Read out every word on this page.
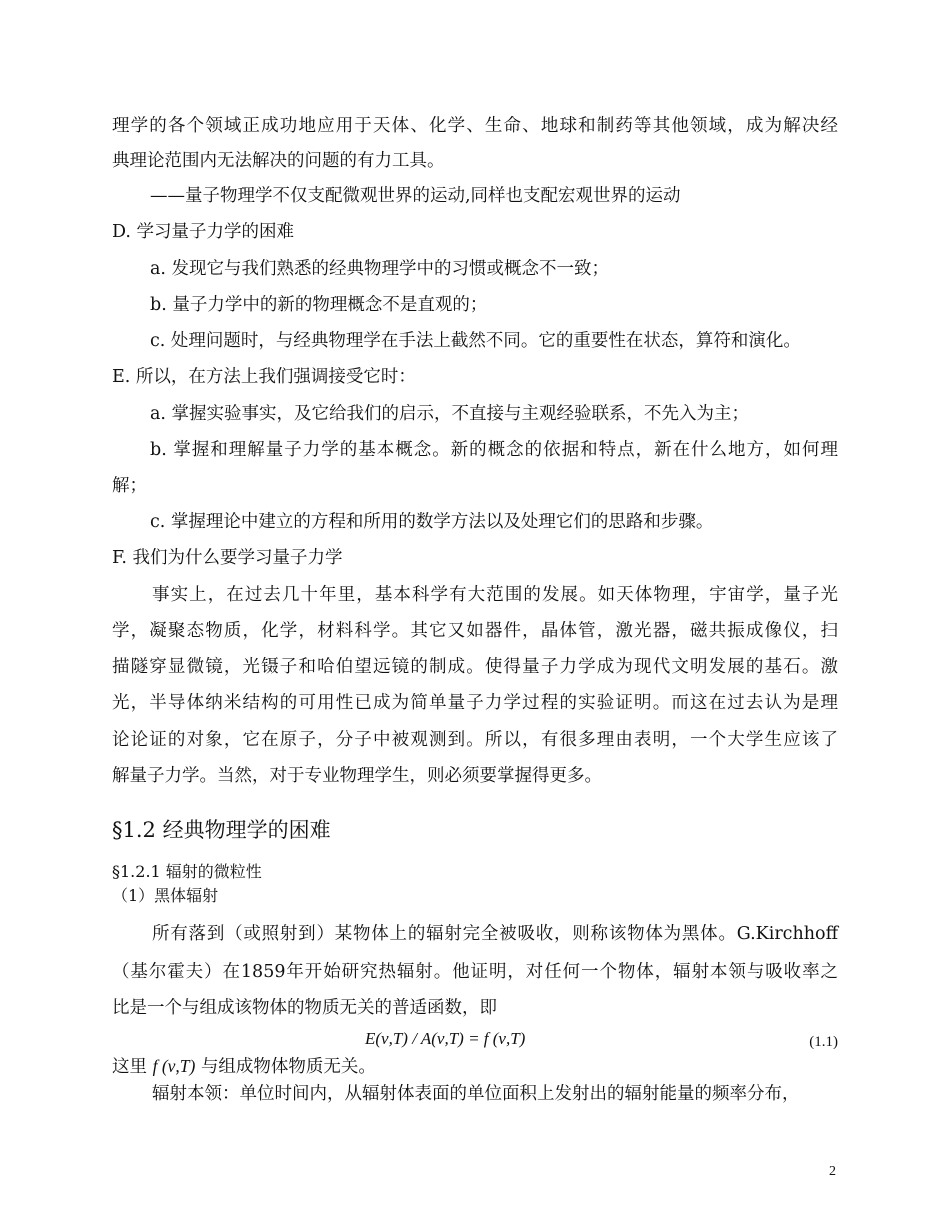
理学的各个领域正成功地应用于天体、化学、生命、地球和制药等其他领域，成为解决经
典理论范围内无法解决的问题的有力工具。
——量子物理学不仅支配微观世界的运动,同样也支配宏观世界的运动
D. 学习量子力学的困难
a. 发现它与我们熟悉的经典物理学中的习惯或概念不一致；
b. 量子力学中的新的物理概念不是直观的；
c. 处理问题时，与经典物理学在手法上截然不同。它的重要性在状态，算符和演化。
E. 所以，在方法上我们强调接受它时：
a. 掌握实验事实，及它给我们的启示，不直接与主观经验联系，不先入为主；
b. 掌握和理解量子力学的基本概念。新的概念的依据和特点，新在什么地方，如何理
解；
c. 掌握理论中建立的方程和所用的数学方法以及处理它们的思路和步骤。
F. 我们为什么要学习量子力学
事实上，在过去几十年里，基本科学有大范围的发展。如天体物理，宇宙学，量子光
学，凝聚态物质，化学，材料科学。其它又如器件，晶体管，激光器，磁共振成像仪，扫
描隧穿显微镜，光镊子和哈伯望远镜的制成。使得量子力学成为现代文明发展的基石。激
光，半导体纳米结构的可用性已成为简单量子力学过程的实验证明。而这在过去认为是理
论论证的对象，它在原子，分子中被观测到。所以，有很多理由表明，一个大学生应该了
解量子力学。当然，对于专业物理学生，则必须要掌握得更多。
§1.2 经典物理学的困难
§1.2.1 辐射的微粒性
（1）黑体辐射
所有落到（或照射到）某物体上的辐射完全被吸收，则称该物体为黑体。G.Kirchhoff
（基尔霍夫）在1859年开始研究热辐射。他证明，对任何一个物体，辐射本领与吸收率之
比是一个与组成该物体的物质无关的普适函数，即
E(ν,T) / A(ν,T) = f (ν,T)	(1.1)
这里 f (ν,T) 与组成物体物质无关。
辐射本领：单位时间内，从辐射体表面的单位面积上发射出的辐射能量的频率分布，
2
